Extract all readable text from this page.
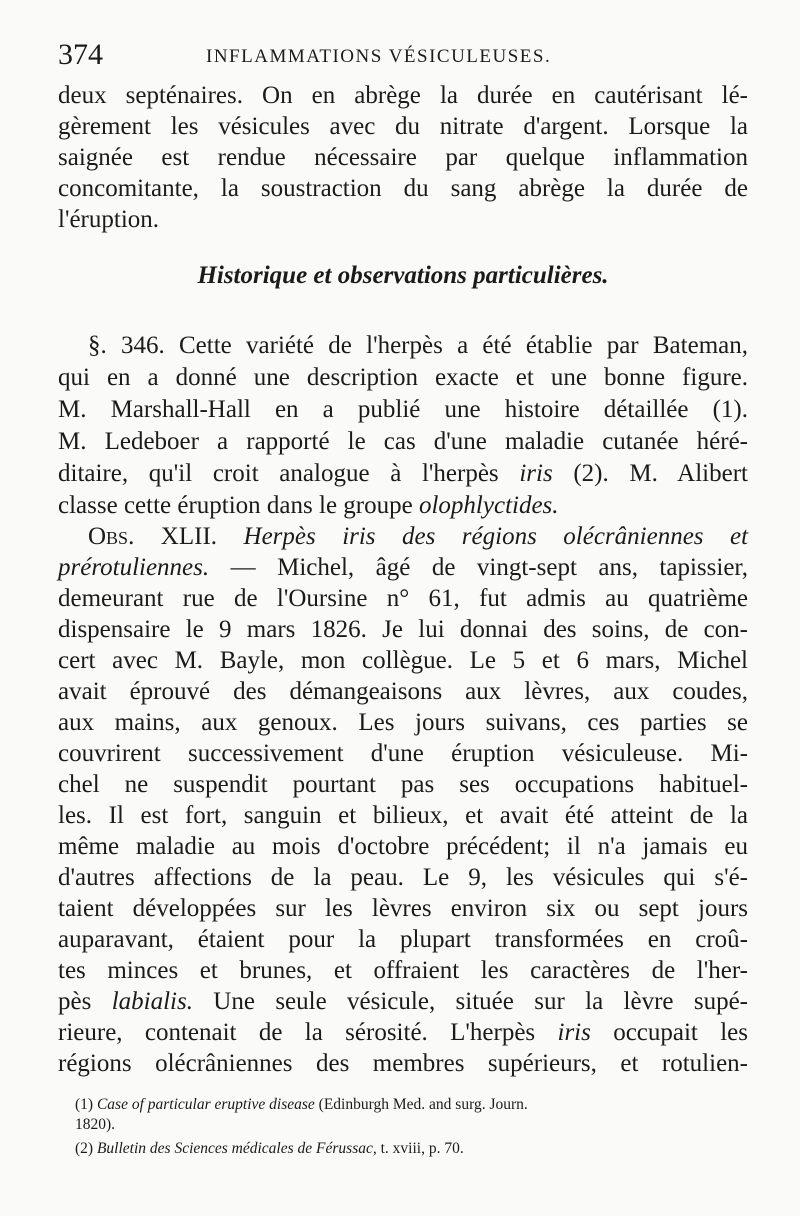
374	INFLAMMATIONS VÉSICULEUSES.
deux septénaires. On en abrège la durée en cautérisant lé-
gèrement les vésicules avec du nitrate d'argent. Lorsque la
saignée est rendue nécessaire par quelque inflammation
concomitante, la soustraction du sang abrège la durée de
l'éruption.
Historique et observations particulières.
§. 346. Cette variété de l'herpès a été établie par Bateman,
qui en a donné une description exacte et une bonne figure.
M. Marshall-Hall en a publié une histoire détaillée (1).
M. Ledeboer a rapporté le cas d'une maladie cutanée héré-
ditaire, qu'il croit analogue à l'herpès iris (2). M. Alibert
classe cette éruption dans le groupe olophlyctides.
Obs. XLII. Herpès iris des régions olécrâniennes et
prérotuliennes. — Michel, âgé de vingt-sept ans, tapissier,
demeurant rue de l'Oursine n° 61, fut admis au quatrième
dispensaire le 9 mars 1826. Je lui donnai des soins, de con-
cert avec M. Bayle, mon collègue. Le 5 et 6 mars, Michel
avait éprouvé des démangeaisons aux lèvres, aux coudes,
aux mains, aux genoux. Les jours suivans, ces parties se
couvrirent successivement d'une éruption vésiculeuse. Mi-
chel ne suspendit pourtant pas ses occupations habituel-
les. Il est fort, sanguin et bilieux, et avait été atteint de la
même maladie au mois d'octobre précédent; il n'a jamais eu
d'autres affections de la peau. Le 9, les vésicules qui s'é-
taient développées sur les lèvres environ six ou sept jours
auparavant, étaient pour la plupart transformées en croû-
tes minces et brunes, et offraient les caractères de l'her-
pès labialis. Une seule vésicule, située sur la lèvre supé-
rieure, contenait de la sérosité. L'herpès iris occupait les
régions olécrâniennes des membres supérieurs, et rotulien-
(1) Case of particular eruptive disease (Edinburgh Med. and surg. Journ.
1820).
(2) Bulletin des Sciences médicales de Férussac, t. xviii, p. 70.
